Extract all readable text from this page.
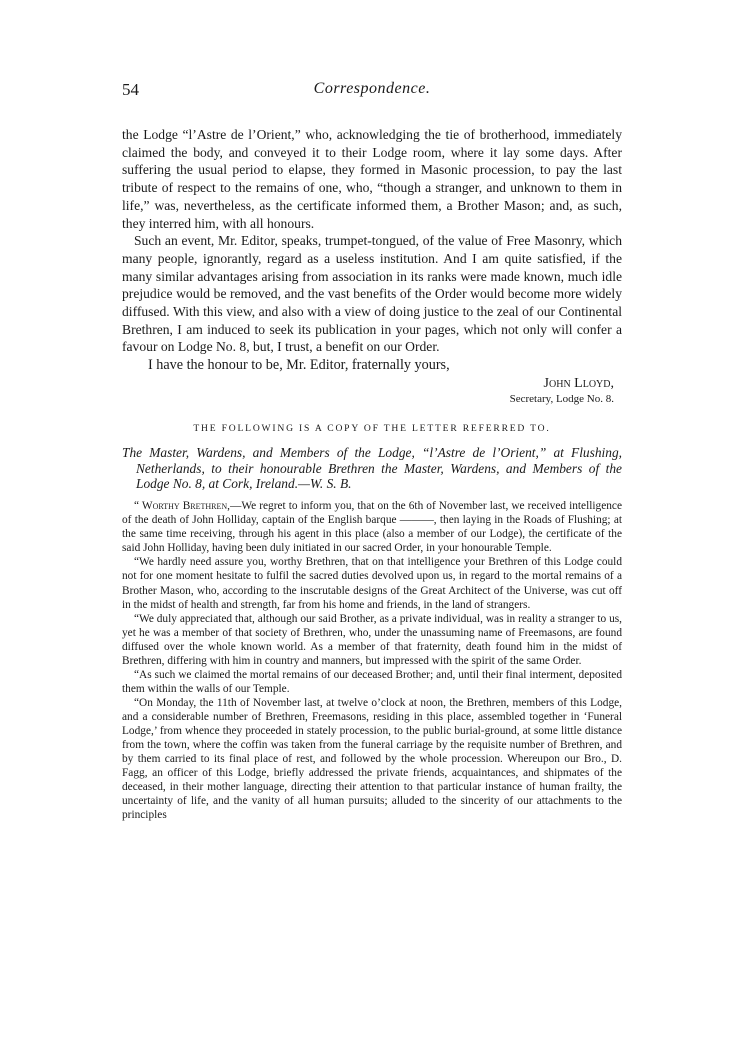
54	Correspondence.

the Lodge “l’Astre de l’Orient,” who, acknowledging the tie of brotherhood, immediately claimed the body, and conveyed it to their Lodge room, where it lay some days. After suffering the usual period to elapse, they formed in Masonic procession, to pay the last tribute of respect to the remains of one, who, “though a stranger, and unknown to them in life,” was, nevertheless, as the certificate informed them, a Brother Mason; and, as such, they interred him, with all honours.

Such an event, Mr. Editor, speaks, trumpet-tongued, of the value of Free Masonry, which many people, ignorantly, regard as a useless institution. And I am quite satisfied, if the many similar advantages arising from association in its ranks were made known, much idle prejudice would be removed, and the vast benefits of the Order would become more widely diffused. With this view, and also with a view of doing justice to the zeal of our Continental Brethren, I am induced to seek its publication in your pages, which not only will confer a favour on Lodge No. 8, but, I trust, a benefit on our Order.

I have the honour to be, Mr. Editor, fraternally yours,

John Lloyd,
Secretary, Lodge No. 8.
THE FOLLOWING IS A COPY OF THE LETTER REFERRED TO.
The Master, Wardens, and Members of the Lodge, “l’Astre de l’Orient,” at Flushing, Netherlands, to their honourable Brethren the Master, Wardens, and Members of the Lodge No. 8, at Cork, Ireland.—W. S. B.

“ Worthy Brethren,—We regret to inform you, that on the 6th of November last, we received intelligence of the death of John Holliday, captain of the English barque ———, then laying in the Roads of Flushing; at the same time receiving, through his agent in this place (also a member of our Lodge), the certificate of the said John Holliday, having been duly initiated in our sacred Order, in your honourable Temple.

“We hardly need assure you, worthy Brethren, that on that intelligence your Brethren of this Lodge could not for one moment hesitate to fulfil the sacred duties devolved upon us, in regard to the mortal remains of a Brother Mason, who, according to the inscrutable designs of the Great Architect of the Universe, was cut off in the midst of health and strength, far from his home and friends, in the land of strangers.

“We duly appreciated that, although our said Brother, as a private individual, was in reality a stranger to us, yet he was a member of that society of Brethren, who, under the unassuming name of Freemasons, are found diffused over the whole known world. As a member of that fraternity, death found him in the midst of Brethren, differing with him in country and manners, but impressed with the spirit of the same Order.

“As such we claimed the mortal remains of our deceased Brother; and, until their final interment, deposited them within the walls of our Temple.

“On Monday, the 11th of November last, at twelve o’clock at noon, the Brethren, members of this Lodge, and a considerable number of Brethren, Freemasons, residing in this place, assembled together in ‘Funeral Lodge,’ from whence they proceeded in stately procession, to the public burial-ground, at some little distance from the town, where the coffin was taken from the funeral carriage by the requisite number of Brethren, and by them carried to its final place of rest, and followed by the whole procession. Whereupon our Bro., D. Fagg, an officer of this Lodge, briefly addressed the private friends, acquaintances, and shipmates of the deceased, in their mother language, directing their attention to that particular instance of human frailty, the uncertainty of life, and the vanity of all human pursuits; alluded to the sincerity of our attachments to the principles
